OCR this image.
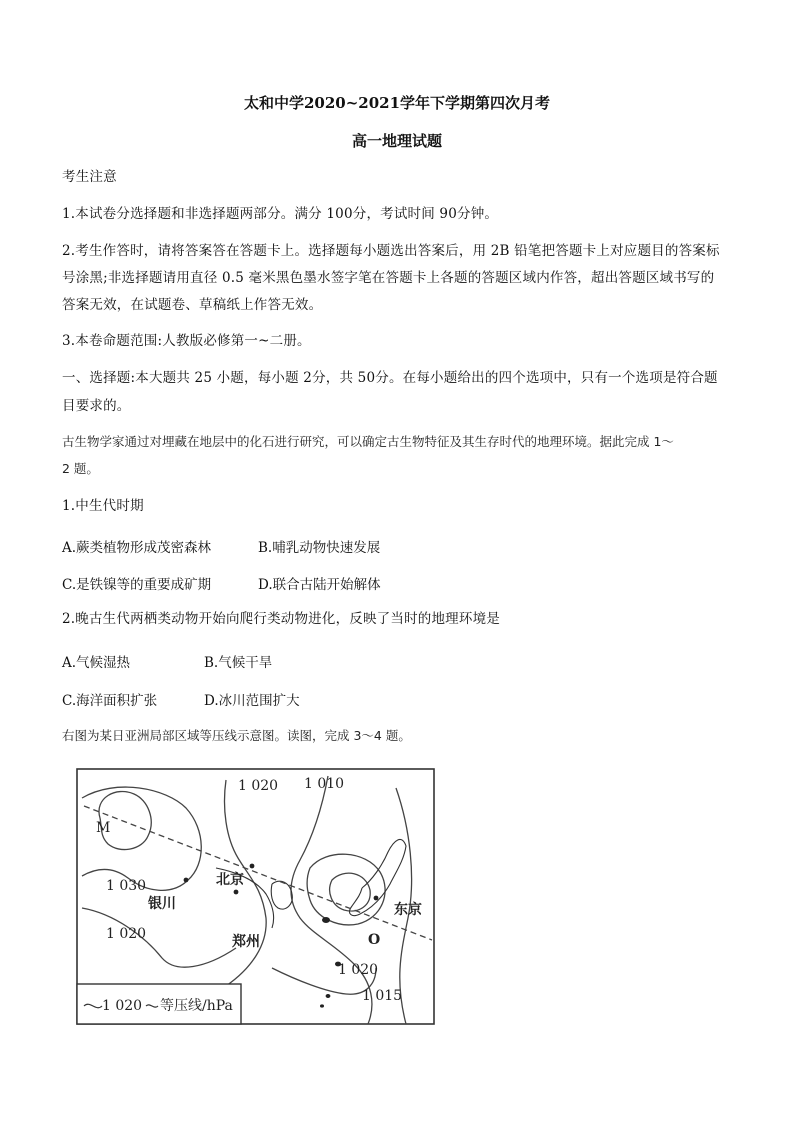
太和中学2020~2021学年下学期第四次月考
高一地理试题
考生注意
1.本试卷分选择题和非选择题两部分。满分 100分，考试时间 90分钟。
2.考生作答时，请将答案答在答题卡上。选择题每小题选出答案后，用 2B 铅笔把答题卡上对应题目的答案标
号涂黑;非选择题请用直径 0.5 毫米黑色墨水签字笔在答题卡上各题的答题区域内作答，超出答题区域书写的
答案无效，在试题卷、草稿纸上作答无效。
3.本卷命题范围:人教版必修第一~二册。
一、选择题:本大题共 25 小题，每小题 2分，共 50分。在每小题给出的四个选项中，只有一个选项是符合题
目要求的。
古生物学家通过对埋藏在地层中的化石进行研究，可以确定古生物特征及其生存时代的地理环境。据此完成 1～
2 题。
1.中生代时期
A.蕨类植物形成茂密森林	B.哺乳动物快速发展
C.是铁镍等的重要成矿期	D.联合古陆开始解体
2.晚古生代两栖类动物开始向爬行类动物进化，反映了当时的地理环境是
A.气候湿热	B.气候干旱
C.海洋面积扩张	D.冰川范围扩大
右图为某日亚洲局部区域等压线示意图。读图，完成 3～4 题。
1 020 1 010
M
1 030
1 020
1 020
1 015
O
北京
银川
郑州
东京
1 020 等压线/hPa
